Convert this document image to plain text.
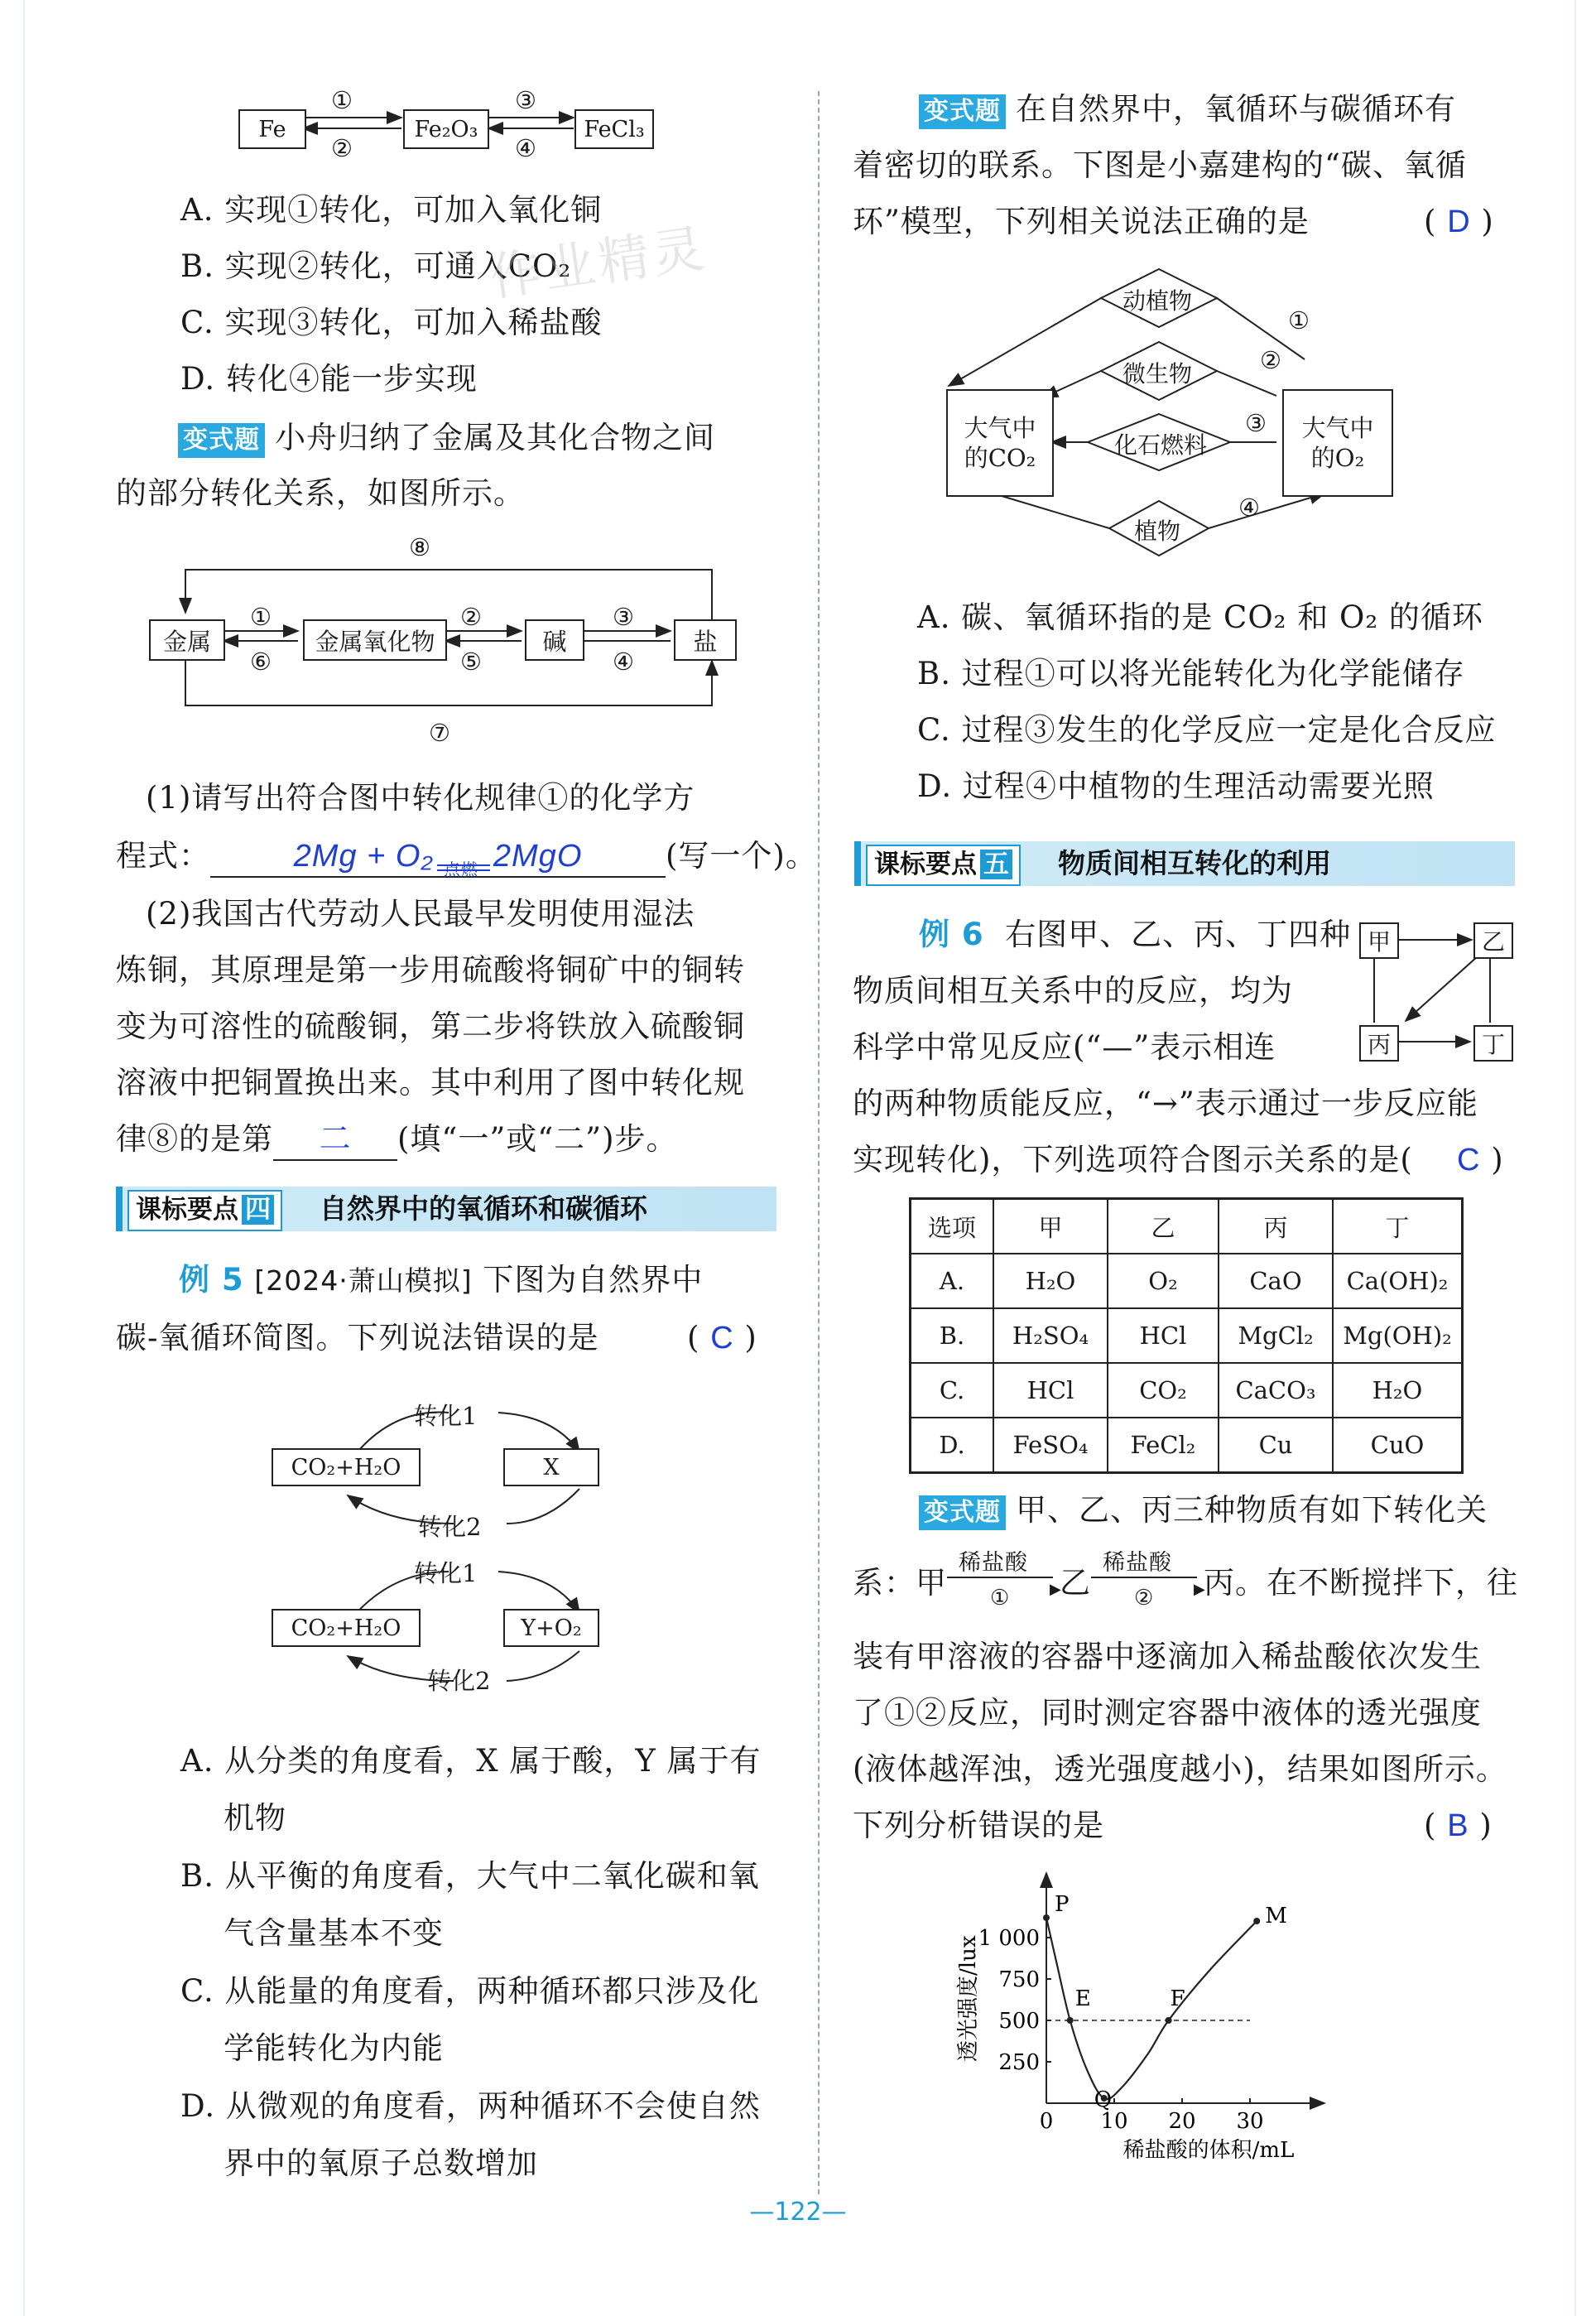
Fe	Fe₂O₃	FeCl₃
①
②
③
④
A. 实现①转化，可加入氧化铜
B. 实现②转化，可通入CO₂
C. 实现③转化，可加入稀盐酸
D. 转化④能一步实现
作业精灵
变式题 小舟归纳了金属及其化合物之间
的部分转化关系，如图所示。
金属	金属氧化物	碱	盐
①
⑥
②
⑤
③
④
⑧
⑦
(1)请写出符合图中转化规律①的化学方
程式：	2Mg + O₂ 点燃 2MgO	(写一个)。
(2)我国古代劳动人民最早发明使用湿法
炼铜，其原理是第一步用硫酸将铜矿中的铜转
变为可溶性的硫酸铜，第二步将铁放入硫酸铜
溶液中把铜置换出来。其中利用了图中转化规
律⑧的是第 二 (填“一”或“二”)步。
课标要点 四	自然界中的氧循环和碳循环
例 5 [2024·萧山模拟] 下图为自然界中
碳-氧循环简图。下列说法错误的是	( C )
CO₂+H₂O	X
转化1
转化2
CO₂+H₂O	Y+O₂
转化1
转化2
A. 从分类的角度看，X 属于酸，Y 属于有
机物
B. 从平衡的角度看，大气中二氧化碳和氧
气含量基本不变
C. 从能量的角度看，两种循环都只涉及化
学能转化为内能
D. 从微观的角度看，两种循环不会使自然
界中的氧原子总数增加
变式题 在自然界中，氧循环与碳循环有
着密切的联系。下图是小嘉建构的“碳、氧循
环”模型，下列相关说法正确的是	( D )
大气中
的CO₂
大气中
的O₂
动植物
微生物
化石燃料
植物
①
②
③
④
A. 碳、氧循环指的是 CO₂ 和 O₂ 的循环
B. 过程①可以将光能转化为化学能储存
C. 过程③发生的化学反应一定是化合反应
D. 过程④中植物的生理活动需要光照
课标要点 五	物质间相互转化的利用
例 6 右图甲、乙、丙、丁四种
物质间相互关系中的反应，均为
科学中常见反应(“—”表示相连
的两种物质能反应，“→”表示通过一步反应能
实现转化)，下列选项符合图示关系的是( C )
甲	乙
丙	丁
选项	甲	乙	丙	丁
A.	H₂O	O₂	CaO	Ca(OH)₂
B.	H₂SO₄	HCl	MgCl₂	Mg(OH)₂
C.	HCl	CO₂	CaCO₃	H₂O
D.	FeSO₄	FeCl₂	Cu	CuO
变式题 甲、乙、丙三种物质有如下转化关
系：甲
稀盐酸
▶
① 乙
稀盐酸
▶
② 丙。在不断搅拌下，往
装有甲溶液的容器中逐滴加入稀盐酸依次发生
了①②反应，同时测定容器中液体的透光强度
(液体越浑浊，透光强度越小)，结果如图所示。
下列分析错误的是	( B )
250
500
750
1 000
0 10 20 30
P
E
Q
F
M
透光强度/lux
稀盐酸的体积/mL
—122—
